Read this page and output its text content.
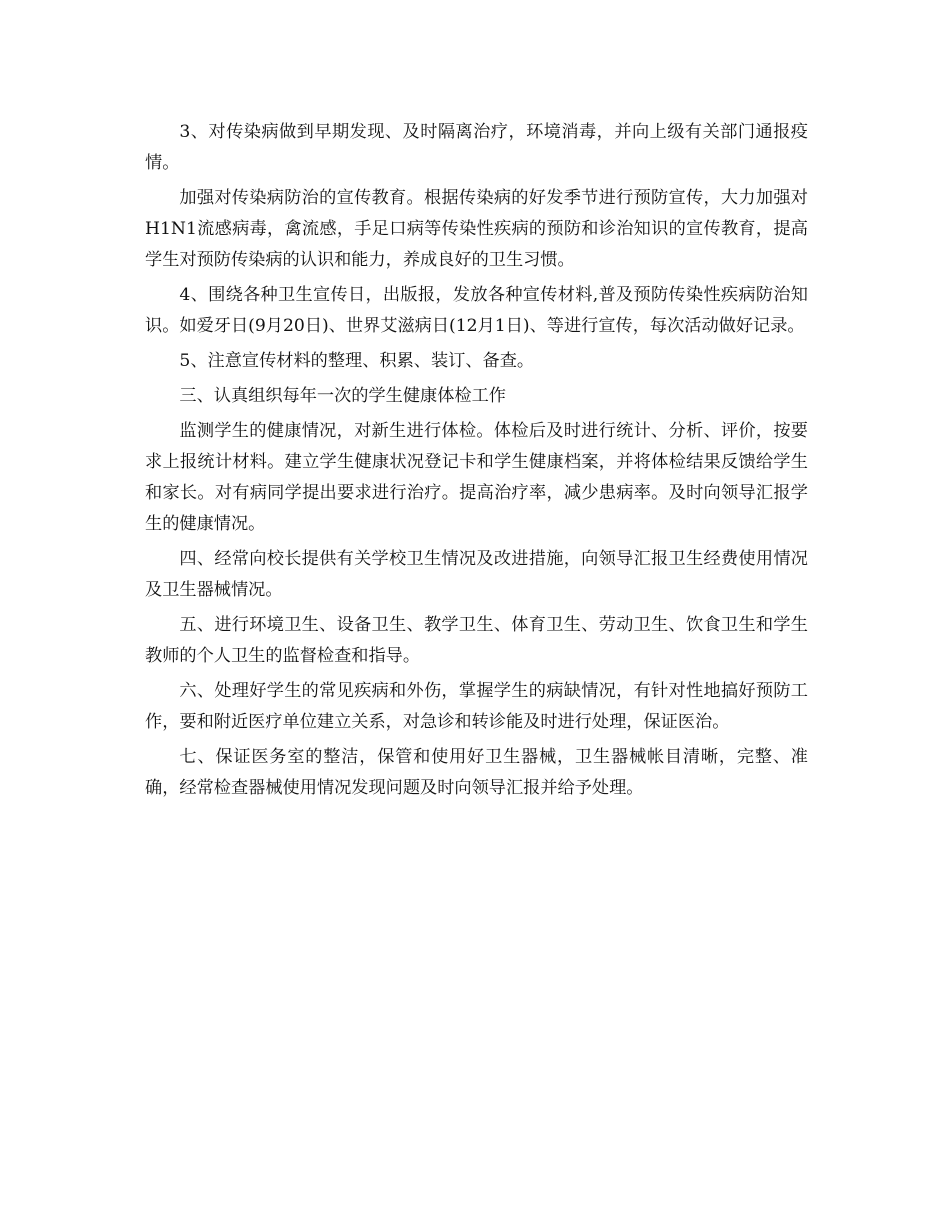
3、对传染病做到早期发现、及时隔离治疗，环境消毒，并向上级有关部门通报疫情。

加强对传染病防治的宣传教育。根据传染病的好发季节进行预防宣传，大力加强对H1N1流感病毒，禽流感，手足口病等传染性疾病的预防和诊治知识的宣传教育，提高学生对预防传染病的认识和能力，养成良好的卫生习惯。

4、围绕各种卫生宣传日，出版报，发放各种宣传材料,普及预防传染性疾病防治知识。如爱牙日(9月20日)、世界艾滋病日(12月1日)、等进行宣传，每次活动做好记录。

5、注意宣传材料的整理、积累、装订、备查。

三、认真组织每年一次的学生健康体检工作

监测学生的健康情况，对新生进行体检。体检后及时进行统计、分析、评价，按要求上报统计材料。建立学生健康状况登记卡和学生健康档案，并将体检结果反馈给学生和家长。对有病同学提出要求进行治疗。提高治疗率，减少患病率。及时向领导汇报学生的健康情况。

四、经常向校长提供有关学校卫生情况及改进措施，向领导汇报卫生经费使用情况及卫生器械情况。

五、进行环境卫生、设备卫生、教学卫生、体育卫生、劳动卫生、饮食卫生和学生教师的个人卫生的监督检查和指导。

六、处理好学生的常见疾病和外伤，掌握学生的病缺情况，有针对性地搞好预防工作，要和附近医疗单位建立关系，对急诊和转诊能及时进行处理，保证医治。

七、保证医务室的整洁，保管和使用好卫生器械，卫生器械帐目清晰，完整、准确，经常检查器械使用情况发现问题及时向领导汇报并给予处理。
